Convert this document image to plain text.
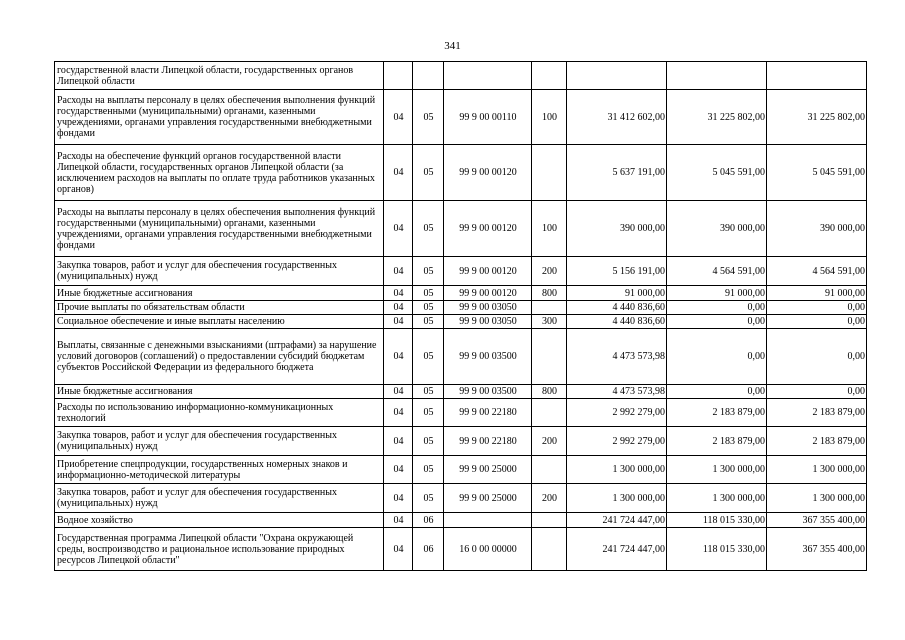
341
государственной власти Липецкой области, государственных органов Липецкой области							
Расходы на выплаты персоналу в целях обеспечения выполнения функций государственными (муниципальными) органами, казенными учреждениями, органами управления государственными внебюджетными фондами	04	05	99 9 00 00110	100	31 412 602,00	31 225 802,00	31 225 802,00
Расходы на обеспечение функций органов государственной власти Липецкой области, государственных органов Липецкой области (за исключением расходов на выплаты по оплате труда работников указанных органов)	04	05	99 9 00 00120		5 637 191,00	5 045 591,00	5 045 591,00
Расходы на выплаты персоналу в целях обеспечения выполнения функций государственными (муниципальными) органами, казенными учреждениями, органами управления государственными внебюджетными фондами	04	05	99 9 00 00120	100	390 000,00	390 000,00	390 000,00
Закупка товаров, работ и услуг для обеспечения государственных (муниципальных) нужд	04	05	99 9 00 00120	200	5 156 191,00	4 564 591,00	4 564 591,00
Иные бюджетные ассигнования	04	05	99 9 00 00120	800	91 000,00	91 000,00	91 000,00
Прочие выплаты по обязательствам области	04	05	99 9 00 03050		4 440 836,60	0,00	0,00
Социальное обеспечение и иные выплаты населению	04	05	99 9 00 03050	300	4 440 836,60	0,00	0,00
Выплаты, связанные с денежными взысканиями (штрафами) за нарушение условий договоров (соглашений) о предоставлении субсидий бюджетам субъектов Российской Федерации из федерального бюджета	04	05	99 9 00 03500		4 473 573,98	0,00	0,00
Иные бюджетные ассигнования	04	05	99 9 00 03500	800	4 473 573,98	0,00	0,00
Расходы по использованию информационно-коммуникационных технологий	04	05	99 9 00 22180		2 992 279,00	2 183 879,00	2 183 879,00
Закупка товаров, работ и услуг для обеспечения государственных (муниципальных) нужд	04	05	99 9 00 22180	200	2 992 279,00	2 183 879,00	2 183 879,00
Приобретение спецпродукции, государственных номерных знаков и информационно-методической литературы	04	05	99 9 00 25000		1 300 000,00	1 300 000,00	1 300 000,00
Закупка товаров, работ и услуг для обеспечения государственных (муниципальных) нужд	04	05	99 9 00 25000	200	1 300 000,00	1 300 000,00	1 300 000,00
Водное хозяйство	04	06			241 724 447,00	118 015 330,00	367 355 400,00
Государственная программа Липецкой области "Охрана окружающей среды, воспроизводство и рациональное использование природных ресурсов Липецкой области"	04	06	16 0 00 00000		241 724 447,00	118 015 330,00	367 355 400,00
